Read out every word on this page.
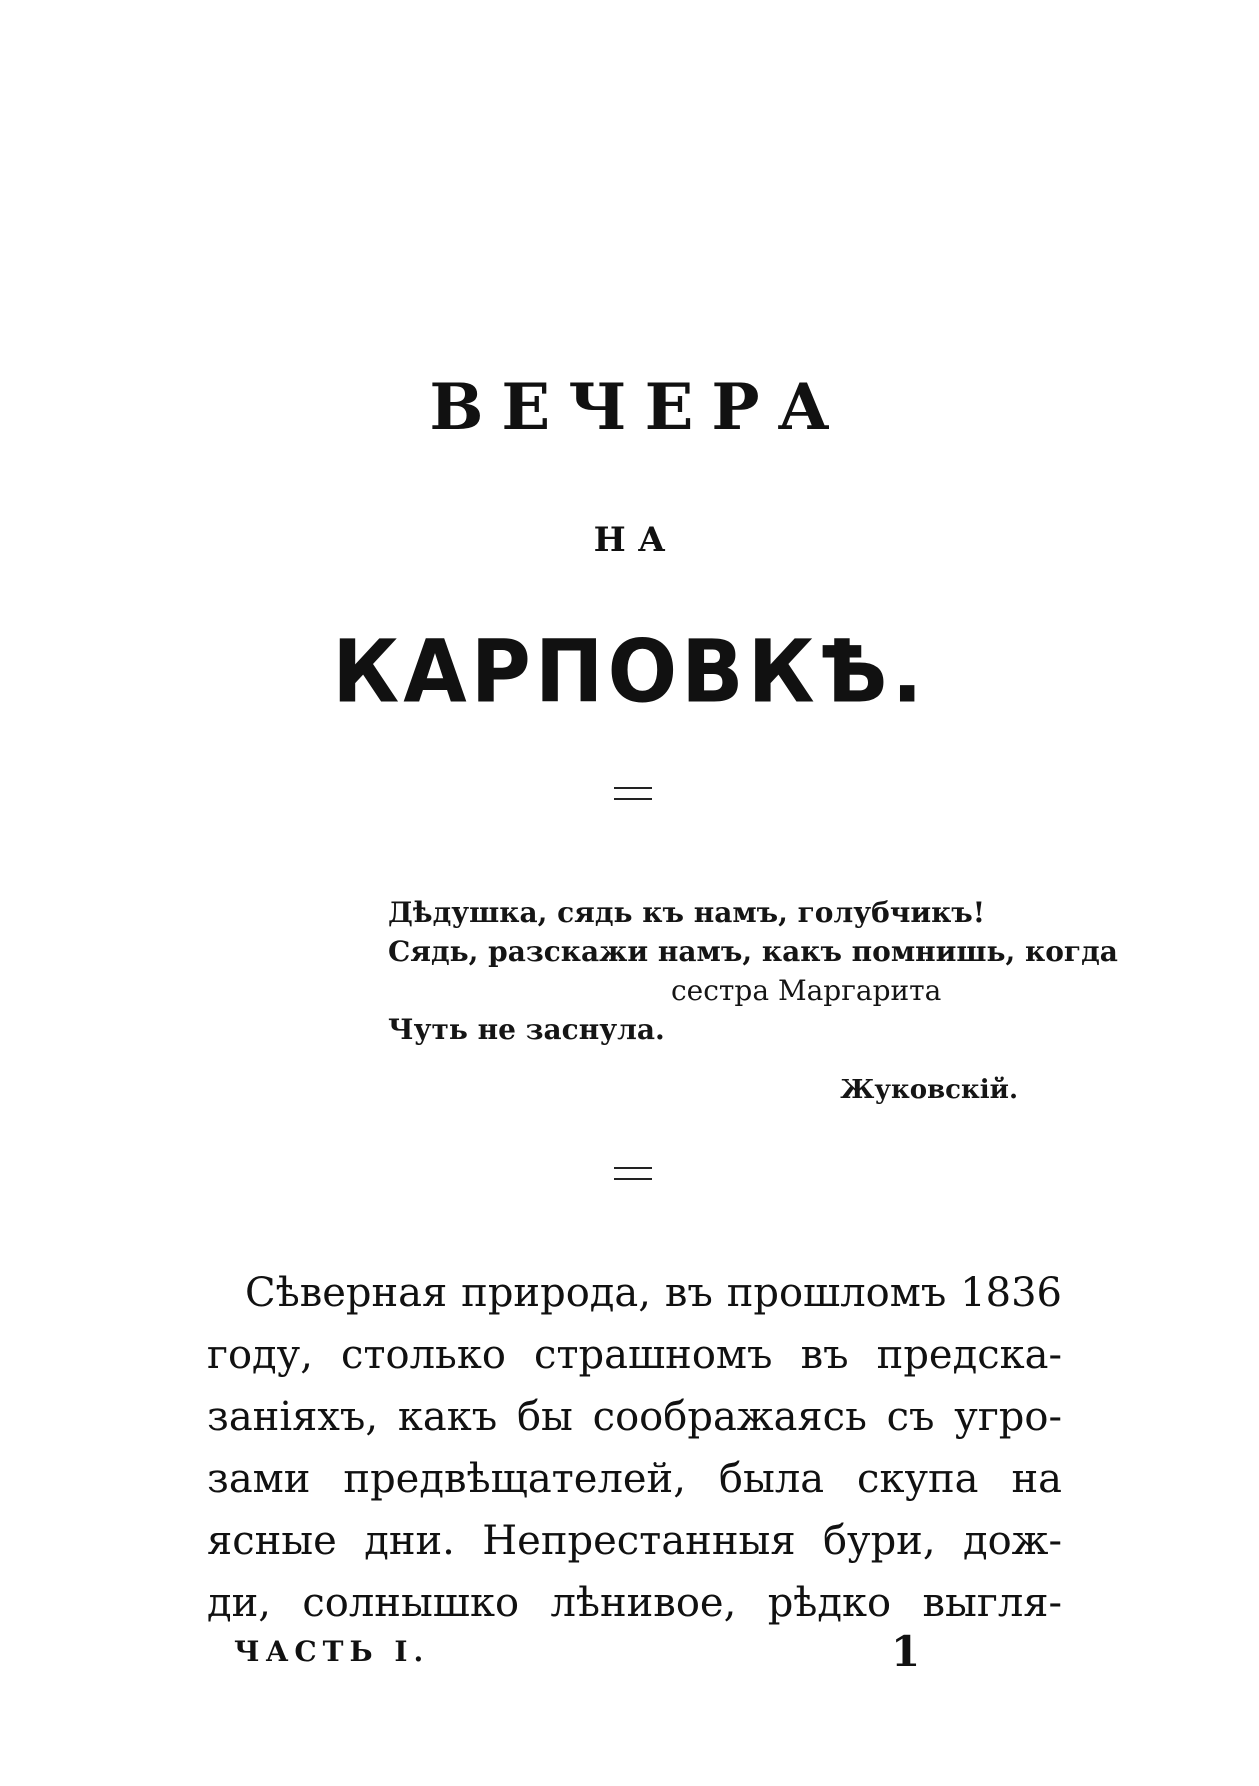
ВЕЧЕРА
НА
КАРПОВКѢ.
Дѣдушка, сядь къ намъ, голубчикъ!
Сядь, разскажи намъ, какъ помнишь, когда
сестра Маргарита
Чуть не заснула.
Жуковскій.
Сѣверная природа, въ прошломъ 1836
году, столько страшномъ въ предска-
заніяхъ, какъ бы соображаясь съ угро-
зами предвѣщателей, была скупа на
ясные дни. Непрестанныя бури, дож-
ди, солнышко лѣнивое, рѣдко выгля-
ЧАСТЬ I.	1
